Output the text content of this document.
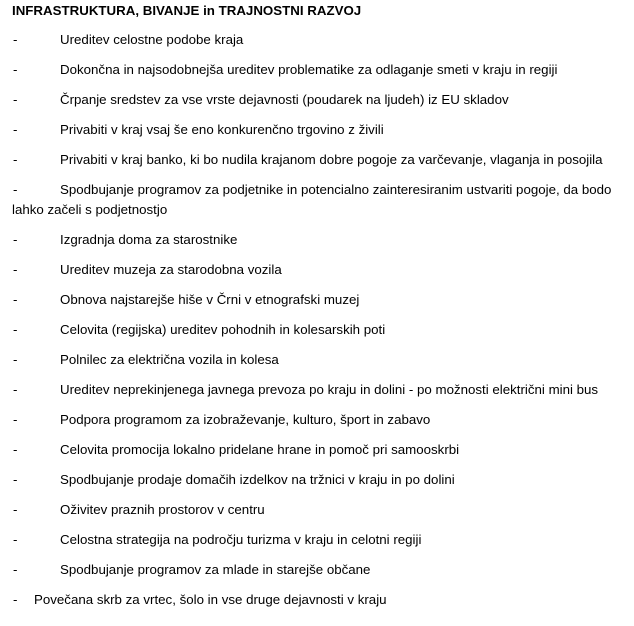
INFRASTRUKTURA, BIVANJE in TRAJNOSTNI RAZVOJ
-	Ureditev celostne podobe kraja
-	Dokončna in najsodobnejša ureditev problematike za odlaganje smeti v kraju in regiji
-	Črpanje sredstev za vse vrste dejavnosti (poudarek na ljudeh) iz EU skladov
-	Privabiti v kraj vsaj še eno konkurenčno trgovino z živili
-	Privabiti v kraj banko, ki bo nudila krajanom dobre pogoje za varčevanje, vlaganja in posojila
-	Spodbujanje programov za podjetnike in potencialno zainteresiranim ustvariti pogoje, da bodo lahko začeli s podjetnostjo
-	Izgradnja doma za starostnike
-	Ureditev muzeja za starodobna vozila
-	Obnova najstarejše hiše v Črni v etnografski muzej
-	Celovita (regijska) ureditev pohodnih in kolesarskih poti
-	Polnilec za električna vozila in kolesa
-	Ureditev neprekinjenega javnega prevoza po kraju in dolini - po možnosti električni mini bus
-	Podpora programom za izobraževanje, kulturo, šport in zabavo
-	Celovita promocija lokalno pridelane hrane in pomoč pri samooskrbi
-	Spodbujanje prodaje domačih izdelkov na tržnici v kraju in po dolini
-	Oživitev praznih prostorov v centru
-	Celostna strategija na področju turizma v kraju in celotni regiji
-	Spodbujanje programov za mlade in starejše občane
-	Povečana skrb za vrtec, šolo in vse druge dejavnosti v kraju
